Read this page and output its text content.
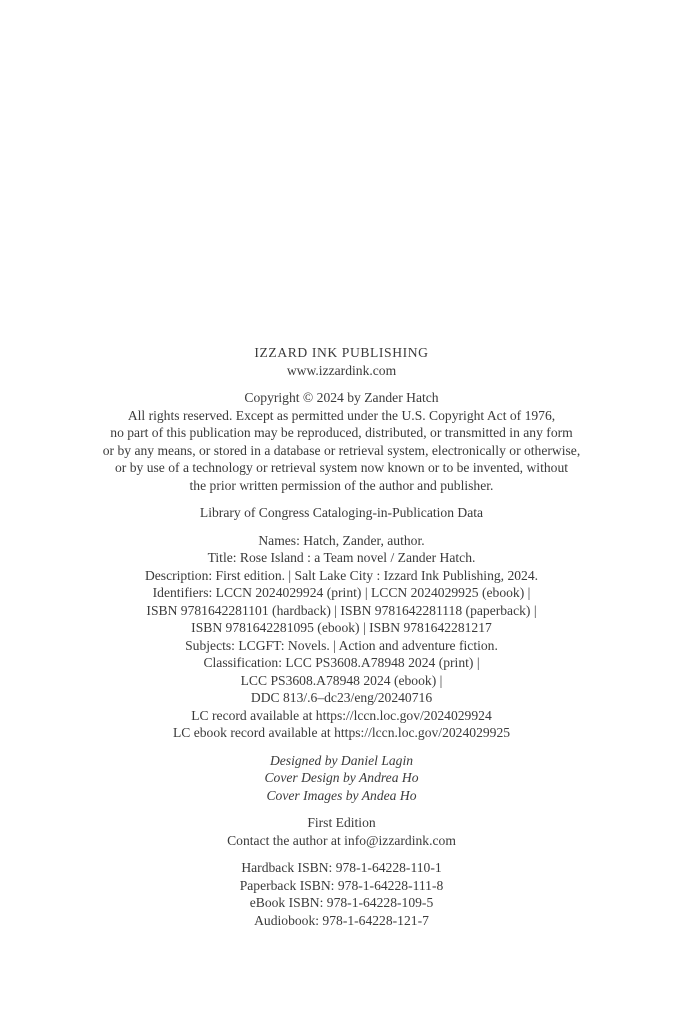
IZZARD INK PUBLISHING
www.izzardink.com
Copyright © 2024 by Zander Hatch
All rights reserved. Except as permitted under the U.S. Copyright Act of 1976,
no part of this publication may be reproduced, distributed, or transmitted in any form
or by any means, or stored in a database or retrieval system, electronically or otherwise,
or by use of a technology or retrieval system now known or to be invented, without
the prior written permission of the author and publisher.
Library of Congress Cataloging-in-Publication Data
Names: Hatch, Zander, author.
Title: Rose Island : a Team novel / Zander Hatch.
Description: First edition. | Salt Lake City : Izzard Ink Publishing, 2024.
Identifiers: LCCN 2024029924 (print) | LCCN 2024029925 (ebook) |
ISBN 9781642281101 (hardback) | ISBN 9781642281118 (paperback) |
ISBN 9781642281095 (ebook) | ISBN 9781642281217
Subjects: LCGFT: Novels. | Action and adventure fiction.
Classification: LCC PS3608.A78948 2024 (print) |
LCC PS3608.A78948 2024 (ebook) |
DDC 813/.6–dc23/eng/20240716
LC record available at https://lccn.loc.gov/2024029924
LC ebook record available at https://lccn.loc.gov/2024029925
Designed by Daniel Lagin
Cover Design by Andrea Ho
Cover Images by Andea Ho
First Edition
Contact the author at info@izzardink.com
Hardback ISBN: 978-1-64228-110-1
Paperback ISBN: 978-1-64228-111-8
eBook ISBN: 978-1-64228-109-5
Audiobook: 978-1-64228-121-7
